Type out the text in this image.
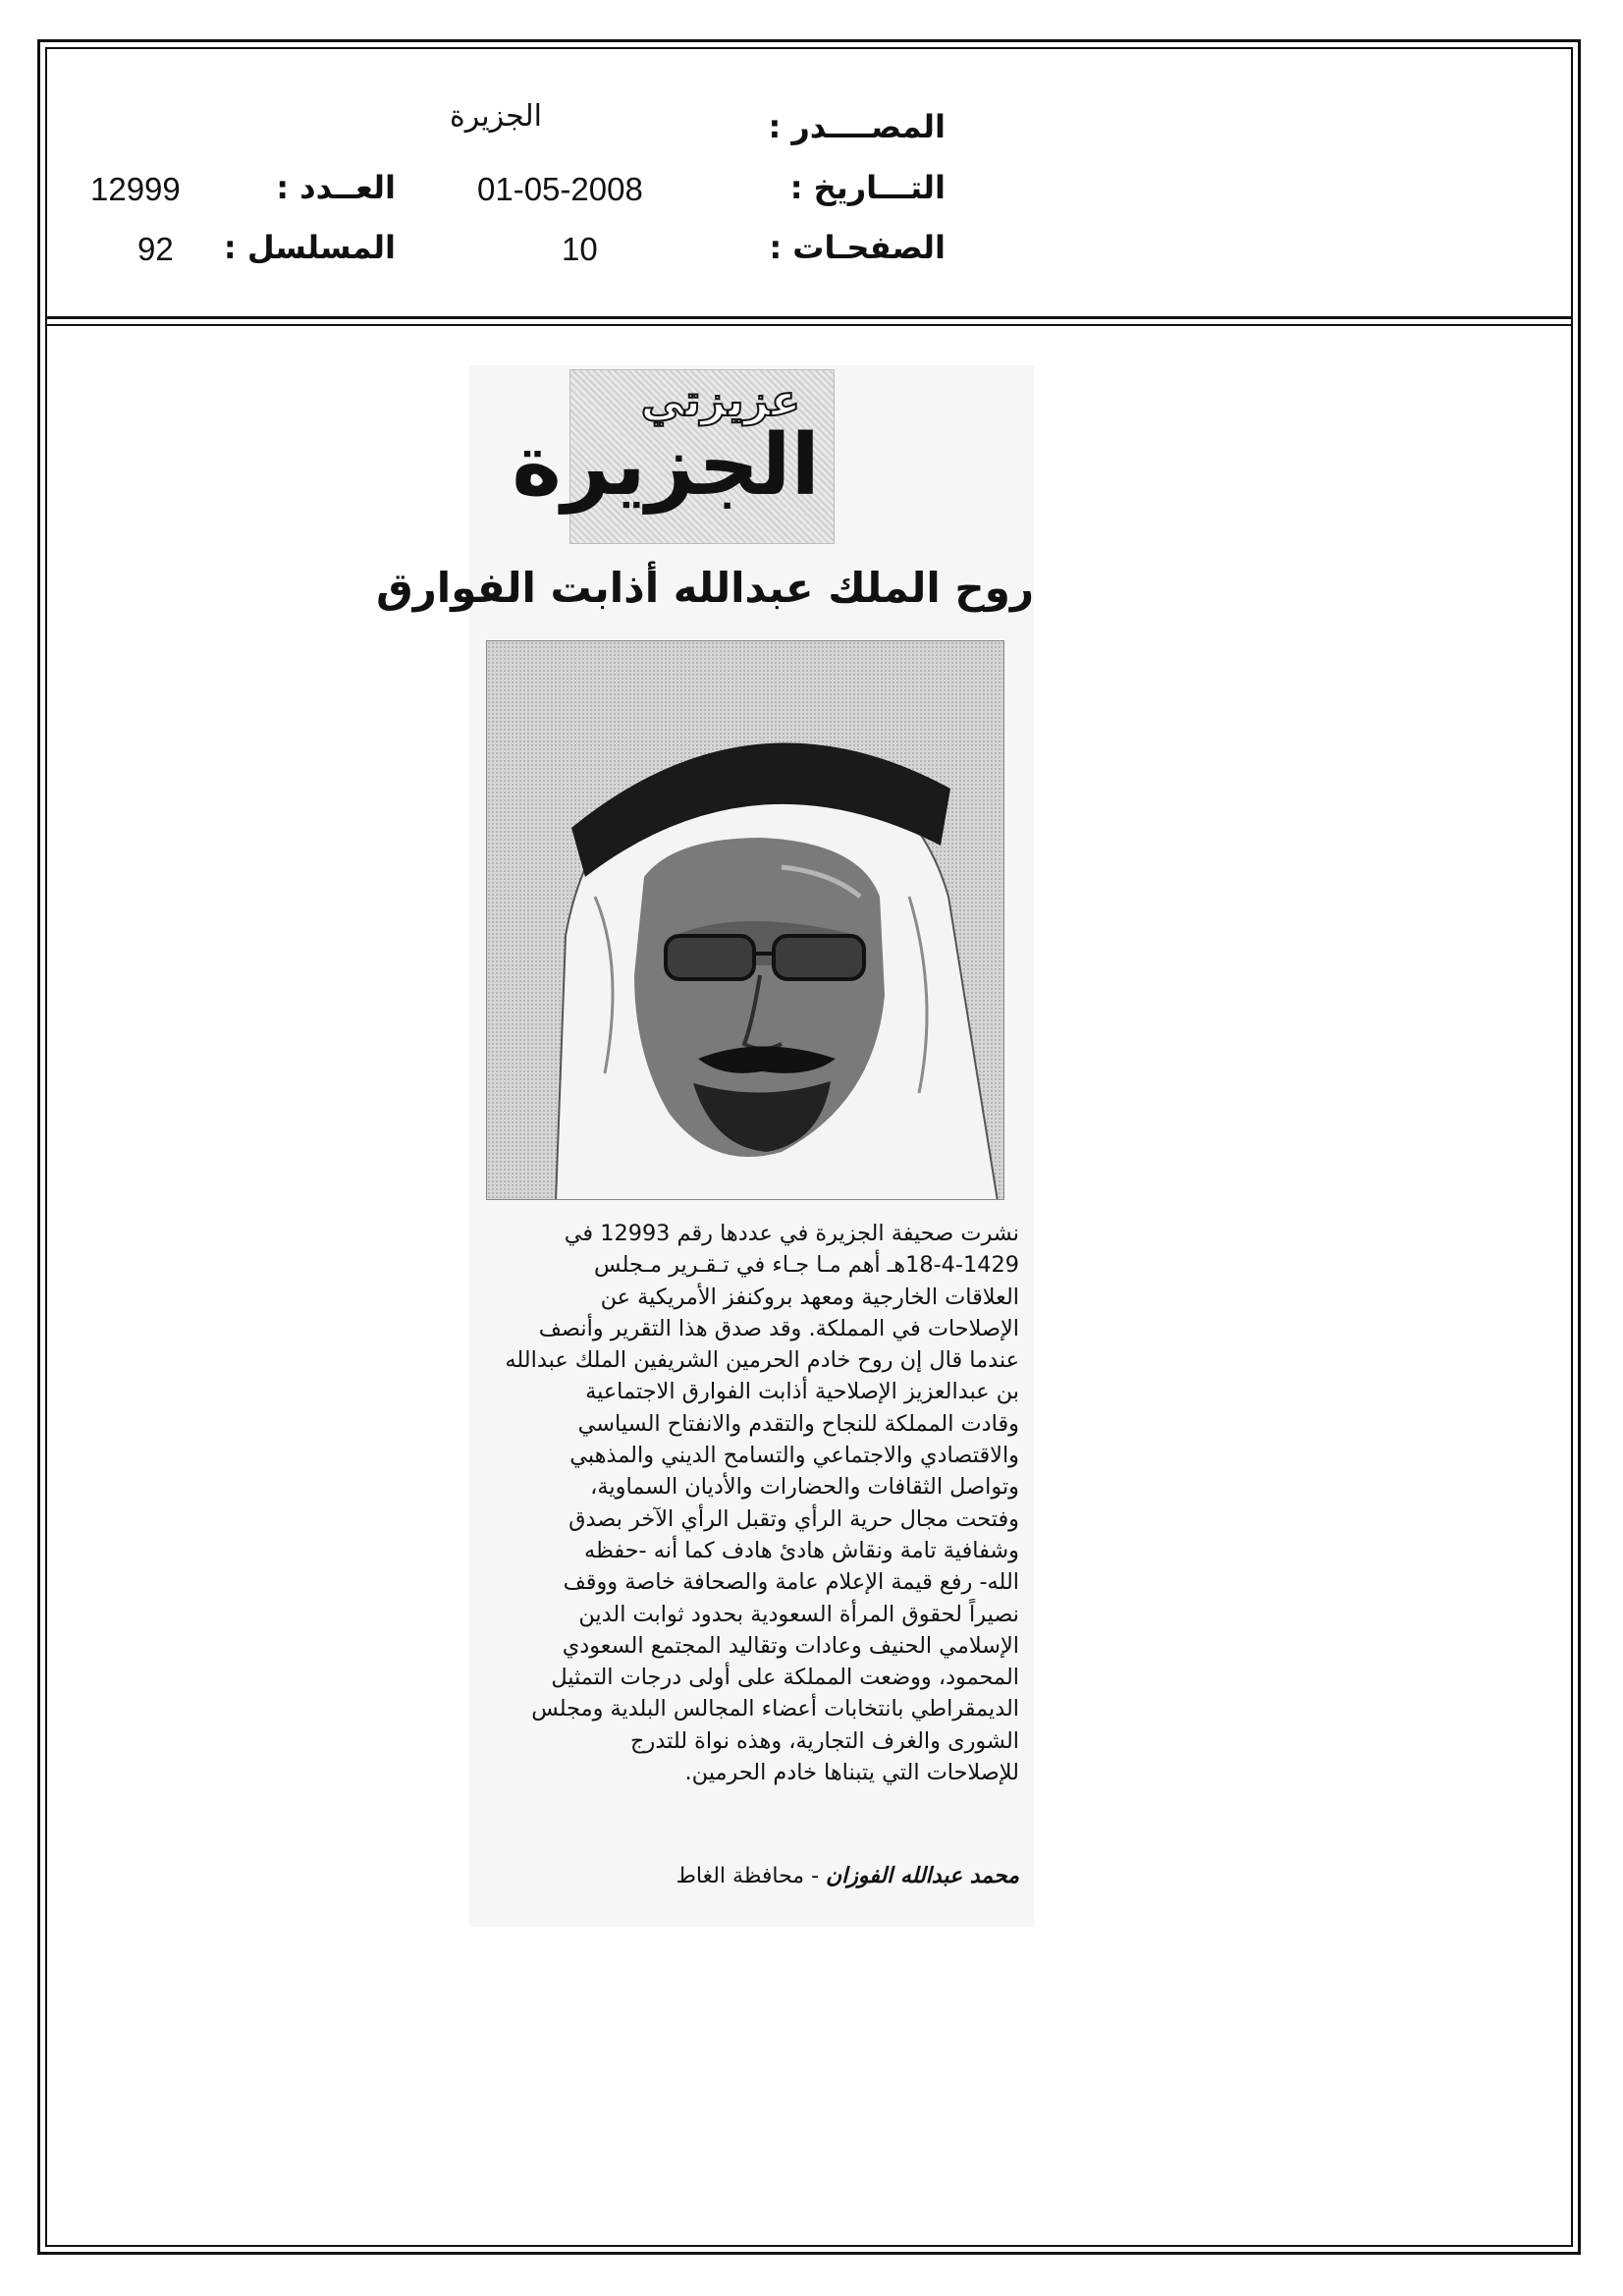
المصــــدر :
الجزيرة
التـــاريخ :
01-05-2008
العــدد :
12999
الصفحـات :
10
المسلسل :
92
عزيزتي
الجزيرة
روح الملك عبدالله أذابت الفوارق
نشرت صحيفة الجزيرة في عددها رقم 12993 في
18-4-1429هـ أهم مـا جـاء في تـقـرير مـجلس
العلاقات الخارجية ومعهد بروكنفز الأمريكية عن
الإصلاحات في المملكة. وقد صدق هذا التقرير وأنصف
عندما قال إن روح خادم الحرمين الشريفين الملك عبدالله
بن عبدالعزيز الإصلاحية أذابت الفوارق الاجتماعية
وقادت المملكة للنجاح والتقدم والانفتاح السياسي
والاقتصادي والاجتماعي والتسامح الديني والمذهبي
وتواصل الثقافات والحضارات والأديان السماوية،
وفتحت مجال حرية الرأي وتقبل الرأي الآخر بصدق
وشفافية تامة ونقاش هادئ هادف كما أنه -حفظه
الله- رفع قيمة الإعلام عامة والصحافة خاصة ووقف
نصيراً لحقوق المرأة السعودية بحدود ثوابت الدين
الإسلامي الحنيف وعادات وتقاليد المجتمع السعودي
المحمود، ووضعت المملكة على أولى درجات التمثيل
الديمقراطي بانتخابات أعضاء المجالس البلدية ومجلس
الشورى والغرف التجارية، وهذه نواة للتدرج
للإصلاحات التي يتبناها خادم الحرمين.
محمد عبدالله الفوزان - محافظة الغاط
